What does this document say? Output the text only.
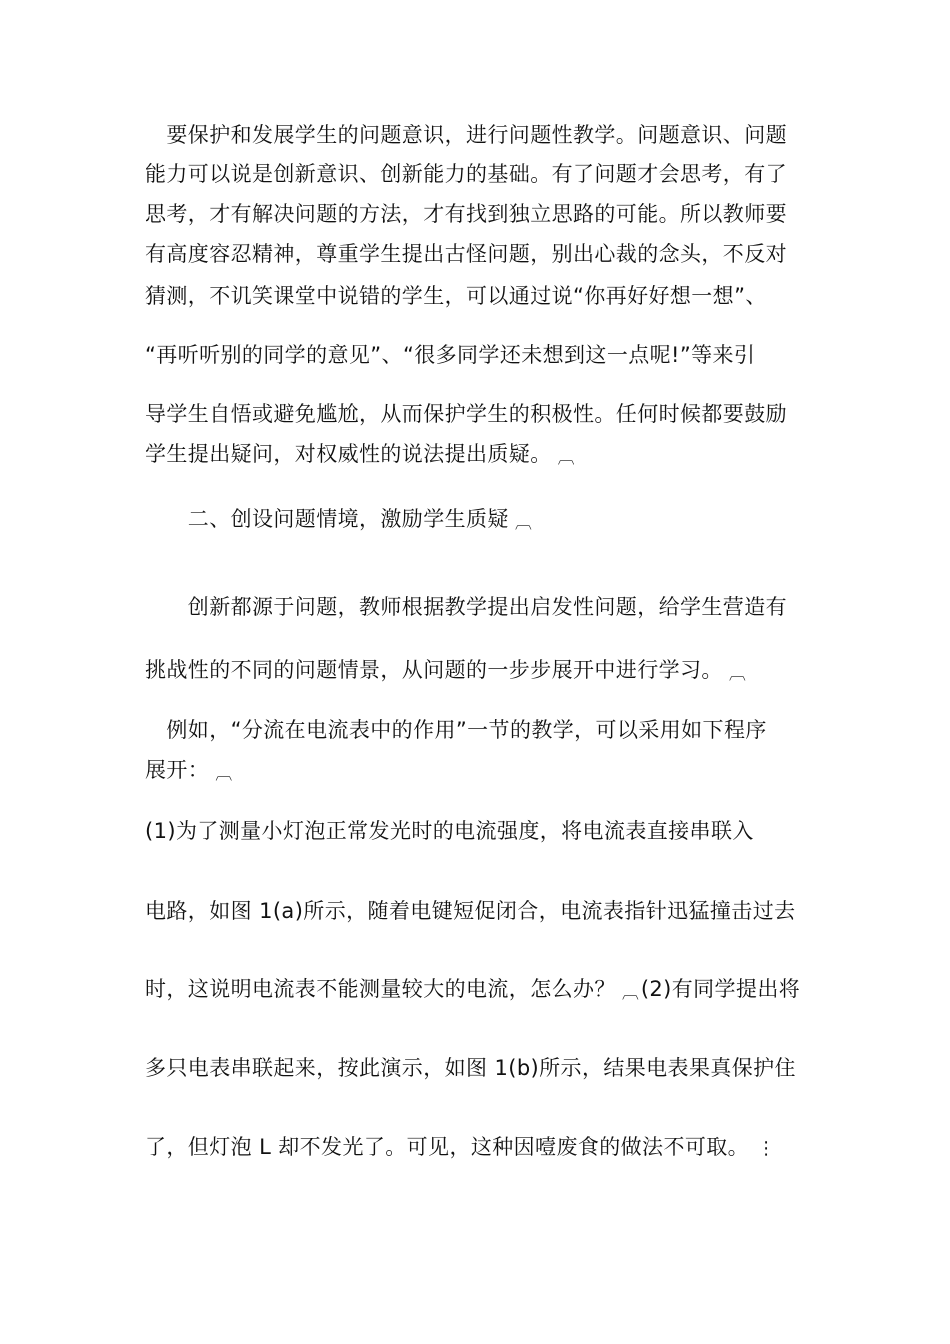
　要保护和发展学生的问题意识，进行问题性教学。问题意识、问题
能力可以说是创新意识、创新能力的基础。有了问题才会思考，有了
思考，才有解决问题的方法，才有找到独立思路的可能。所以教师要
有高度容忍精神，尊重学生提出古怪问题，别出心裁的念头，不反对
猜测，不讥笑课堂中说错的学生，可以通过说“你再好好想一想”、
“再听听别的同学的意见”、“很多同学还未想到这一点呢!”等来引
导学生自悟或避免尴尬，从而保护学生的积极性。任何时候都要鼓励
学生提出疑问，对权威性的说法提出质疑。 ︹
　　二、创设问题情境，激励学生质疑 ︹
　　创新都源于问题，教师根据教学提出启发性问题，给学生营造有
挑战性的不同的问题情景，从问题的一步步展开中进行学习。 ︹
　例如，“分流在电流表中的作用”一节的教学，可以采用如下程序
展开： ︹
(1)为了测量小灯泡正常发光时的电流强度，将电流表直接串联入
电路，如图 1(a)所示，随着电键短促闭合，电流表指针迅猛撞击过去
时，这说明电流表不能测量较大的电流，怎么办？ ︹(2)有同学提出将
多只电表串联起来，按此演示，如图 1(b)所示，结果电表果真保护住
了，但灯泡 L 却不发光了。可见，这种因噎废食的做法不可取。 ⋮
